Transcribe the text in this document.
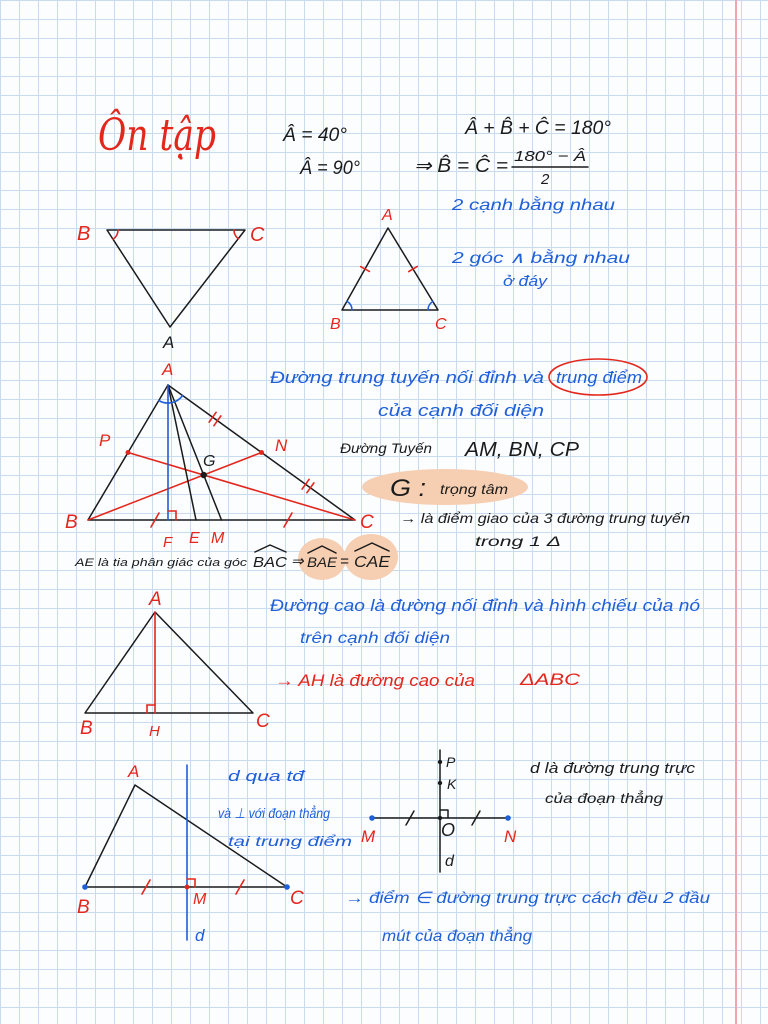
Ôn tập Â = 40°
Â = 90°
Â + B̂ + Ĉ = 180°
⇒ B̂ = Ĉ = 180° − Â
2
2 cạnh bằng nhau
2 góc ∧ bằng nhau
ở đáy
B	C
A
A
B	C
A
B	C
P	N
G
F E M
Đường trung tuyến nối đỉnh và trung điểm
của cạnh đối diện
Đường Tuyến AM, BN, CP
G : trọng tâm
→ là điểm giao của 3 đường trung tuyến
trong 1 Δ
AE là tia phân giác của góc BAC ⇒ BAE = CAE
A
B	C
H
Đường cao là đường nối đỉnh và hình chiếu của nó
trên cạnh đối diện
→ AH là đường cao của	ΔABC
A
B	C
M
d
d qua tđ
và ⊥ với đoạn thẳng
tại trung điểm
P
K
O
d
M	N
d là đường trung trực
của đoạn thẳng
→ điểm ∈ đường trung trực cách đều 2 đầu
mút của đoạn thẳng
